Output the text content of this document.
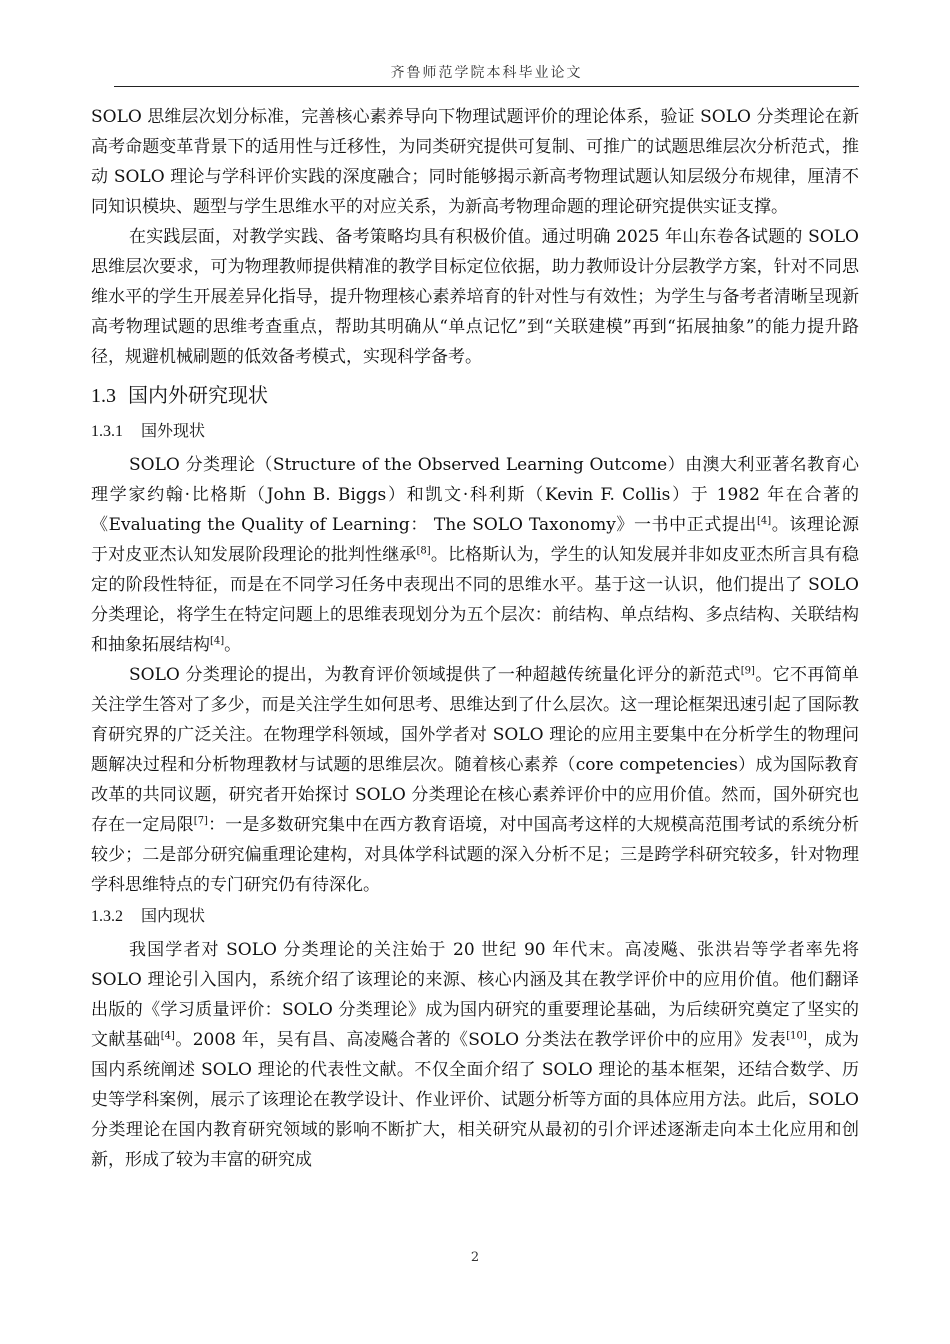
齐鲁师范学院本科毕业论文

SOLO 思维层次划分标准，完善核心素养导向下物理试题评价的理论体系，验证 SOLO 分类理论在新高考命题变革背景下的适用性与迁移性，为同类研究提供可复制、可推广的试题思维层次分析范式，推动 SOLO 理论与学科评价实践的深度融合；同时能够揭示新高考物理试题认知层级分布规律，厘清不同知识模块、题型与学生思维水平的对应关系，为新高考物理命题的理论研究提供实证支撑。

在实践层面，对教学实践、备考策略均具有积极价值。通过明确 2025 年山东卷各试题的 SOLO 思维层次要求，可为物理教师提供精准的教学目标定位依据，助力教师设计分层教学方案，针对不同思维水平的学生开展差异化指导，提升物理核心素养培育的针对性与有效性；为学生与备考者清晰呈现新高考物理试题的思维考查重点，帮助其明确从“单点记忆”到“关联建模”再到“拓展抽象”的能力提升路径，规避机械刷题的低效备考模式，实现科学备考。

1.3 国内外研究现状
1.3.1 国外现状

SOLO 分类理论（Structure of the Observed Learning Outcome）由澳大利亚著名教育心理学家约翰·比格斯（John B. Biggs）和凯文·科利斯（Kevin F. Collis）于 1982 年在合著的《Evaluating the Quality of Learning： The SOLO Taxonomy》一书中正式提出[4]。该理论源于对皮亚杰认知发展阶段理论的批判性继承[8]。比格斯认为，学生的认知发展并非如皮亚杰所言具有稳定的阶段性特征，而是在不同学习任务中表现出不同的思维水平。基于这一认识，他们提出了 SOLO 分类理论，将学生在特定问题上的思维表现划分为五个层次：前结构、单点结构、多点结构、关联结构和抽象拓展结构[4]。

SOLO 分类理论的提出，为教育评价领域提供了一种超越传统量化评分的新范式[9]。它不再简单关注学生答对了多少，而是关注学生如何思考、思维达到了什么层次。这一理论框架迅速引起了国际教育研究界的广泛关注。在物理学科领域，国外学者对 SOLO 理论的应用主要集中在分析学生的物理问题解决过程和分析物理教材与试题的思维层次。随着核心素养（core competencies）成为国际教育改革的共同议题，研究者开始探讨 SOLO 分类理论在核心素养评价中的应用价值。然而，国外研究也存在一定局限[7]：一是多数研究集中在西方教育语境，对中国高考这样的大规模高范围考试的系统分析较少；二是部分研究偏重理论建构，对具体学科试题的深入分析不足；三是跨学科研究较多，针对物理学科思维特点的专门研究仍有待深化。

1.3.2 国内现状

我国学者对 SOLO 分类理论的关注始于 20 世纪 90 年代末。高凌飚、张洪岩等学者率先将 SOLO 理论引入国内，系统介绍了该理论的来源、核心内涵及其在教学评价中的应用价值。他们翻译出版的《学习质量评价：SOLO 分类理论》成为国内研究的重要理论基础，为后续研究奠定了坚实的文献基础[4]。2008 年，吴有昌、高凌飚合著的《SOLO 分类法在教学评价中的应用》发表[10]，成为国内系统阐述 SOLO 理论的代表性文献。不仅全面介绍了 SOLO 理论的基本框架，还结合数学、历史等学科案例，展示了该理论在教学设计、作业评价、试题分析等方面的具体应用方法。此后，SOLO 分类理论在国内教育研究领域的影响不断扩大，相关研究从最初的引介评述逐渐走向本土化应用和创新，形成了较为丰富的研究成

2
